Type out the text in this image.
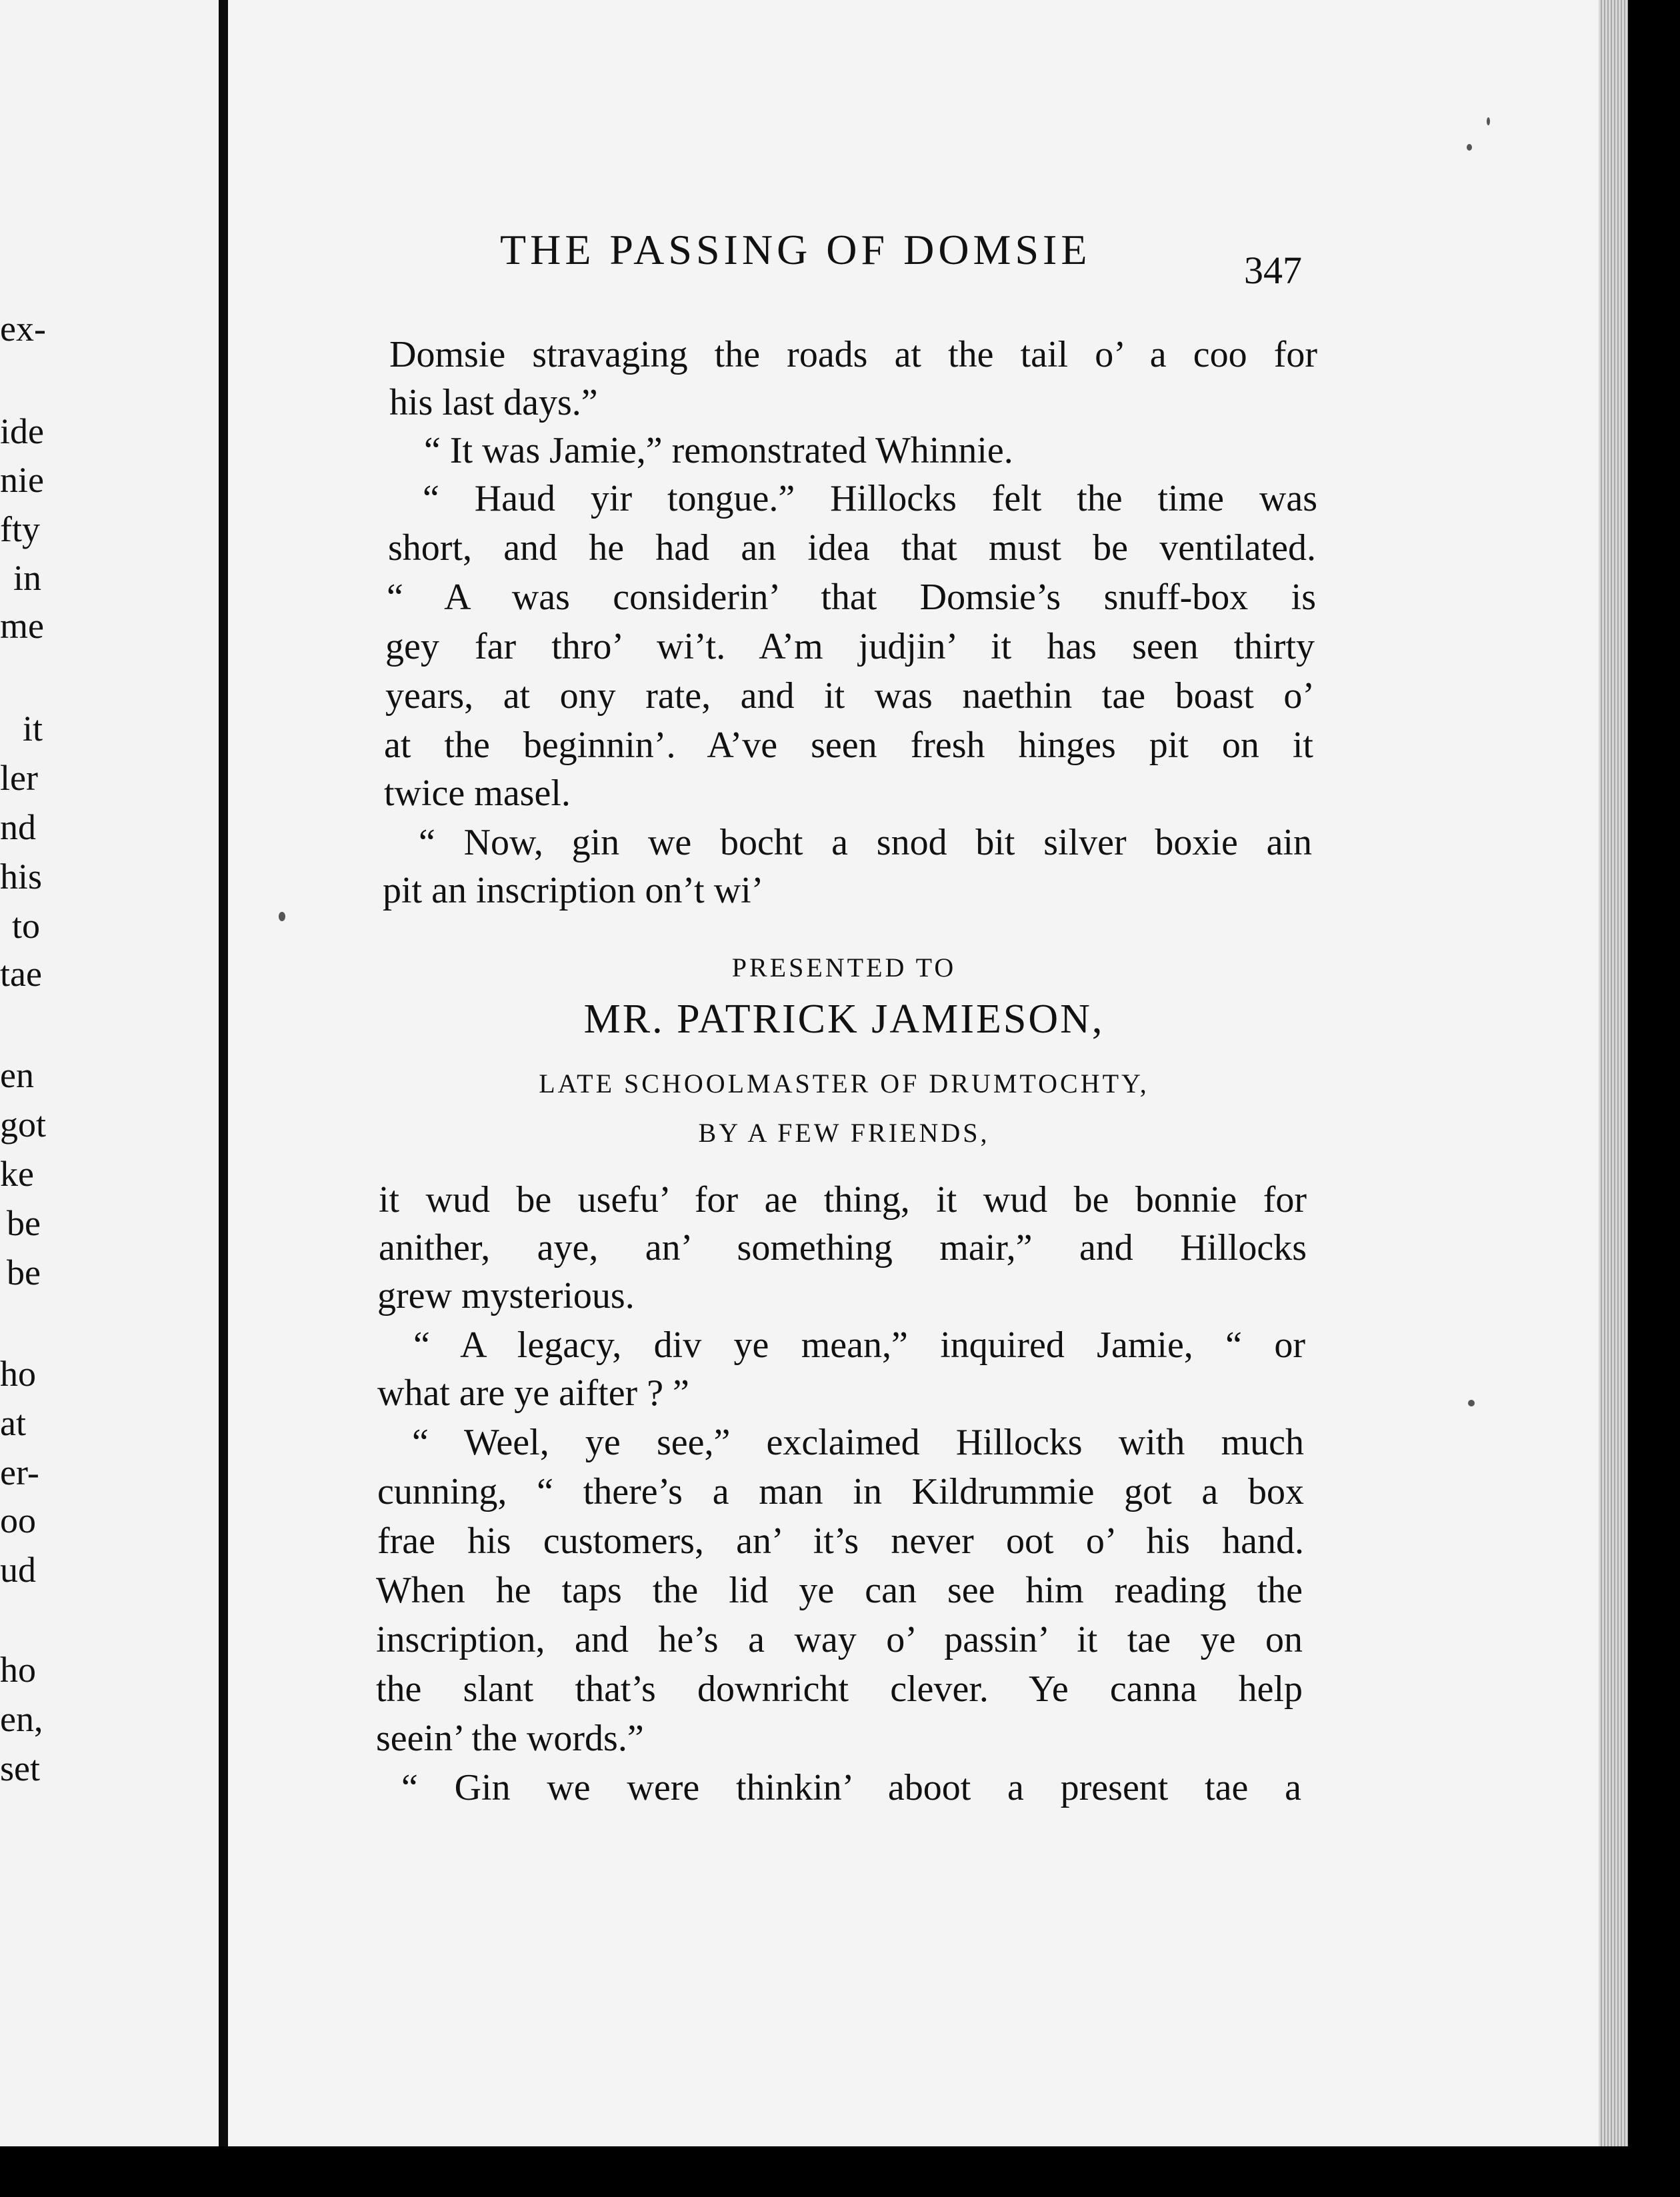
ex-
ide
nie
fty
in
me
it
ler
nd
his
to
tae
en
got
ke
be
be
ho
at
er-
oo
ud
ho
en,
set
THE PASSING OF DOMSIE	347
Domsie stravaging the roads at the tail o’ a coo for
his last days.”
“ It was Jamie,” remonstrated Whinnie.
“ Haud yir tongue.” Hillocks felt the time was
short, and he had an idea that must be ventilated.
“ A was considerin’ that Domsie’s snuff-box is
gey far thro’ wi’t. A’m judjin’ it has seen thirty
years, at ony rate, and it was naethin tae boast o’
at the beginnin’. A’ve seen fresh hinges pit on it
twice masel.
“ Now, gin we bocht a snod bit silver boxie ain
pit an inscription on’t wi’
PRESENTED TO
MR. PATRICK JAMIESON,
LATE SCHOOLMASTER OF DRUMTOCHTY,
BY A FEW FRIENDS,
it wud be usefu’ for ae thing, it wud be bonnie for
anither, aye, an’ something mair,” and Hillocks
grew mysterious.
“ A legacy, div ye mean,” inquired Jamie, “ or
what are ye aifter ? ”
“ Weel, ye see,” exclaimed Hillocks with much
cunning, “ there’s a man in Kildrummie got a box
frae his customers, an’ it’s never oot o’ his hand.
When he taps the lid ye can see him reading the
inscription, and he’s a way o’ passin’ it tae ye on
the slant that’s downricht clever. Ye canna help
seein’ the words.”
“ Gin we were thinkin’ aboot a present tae a
